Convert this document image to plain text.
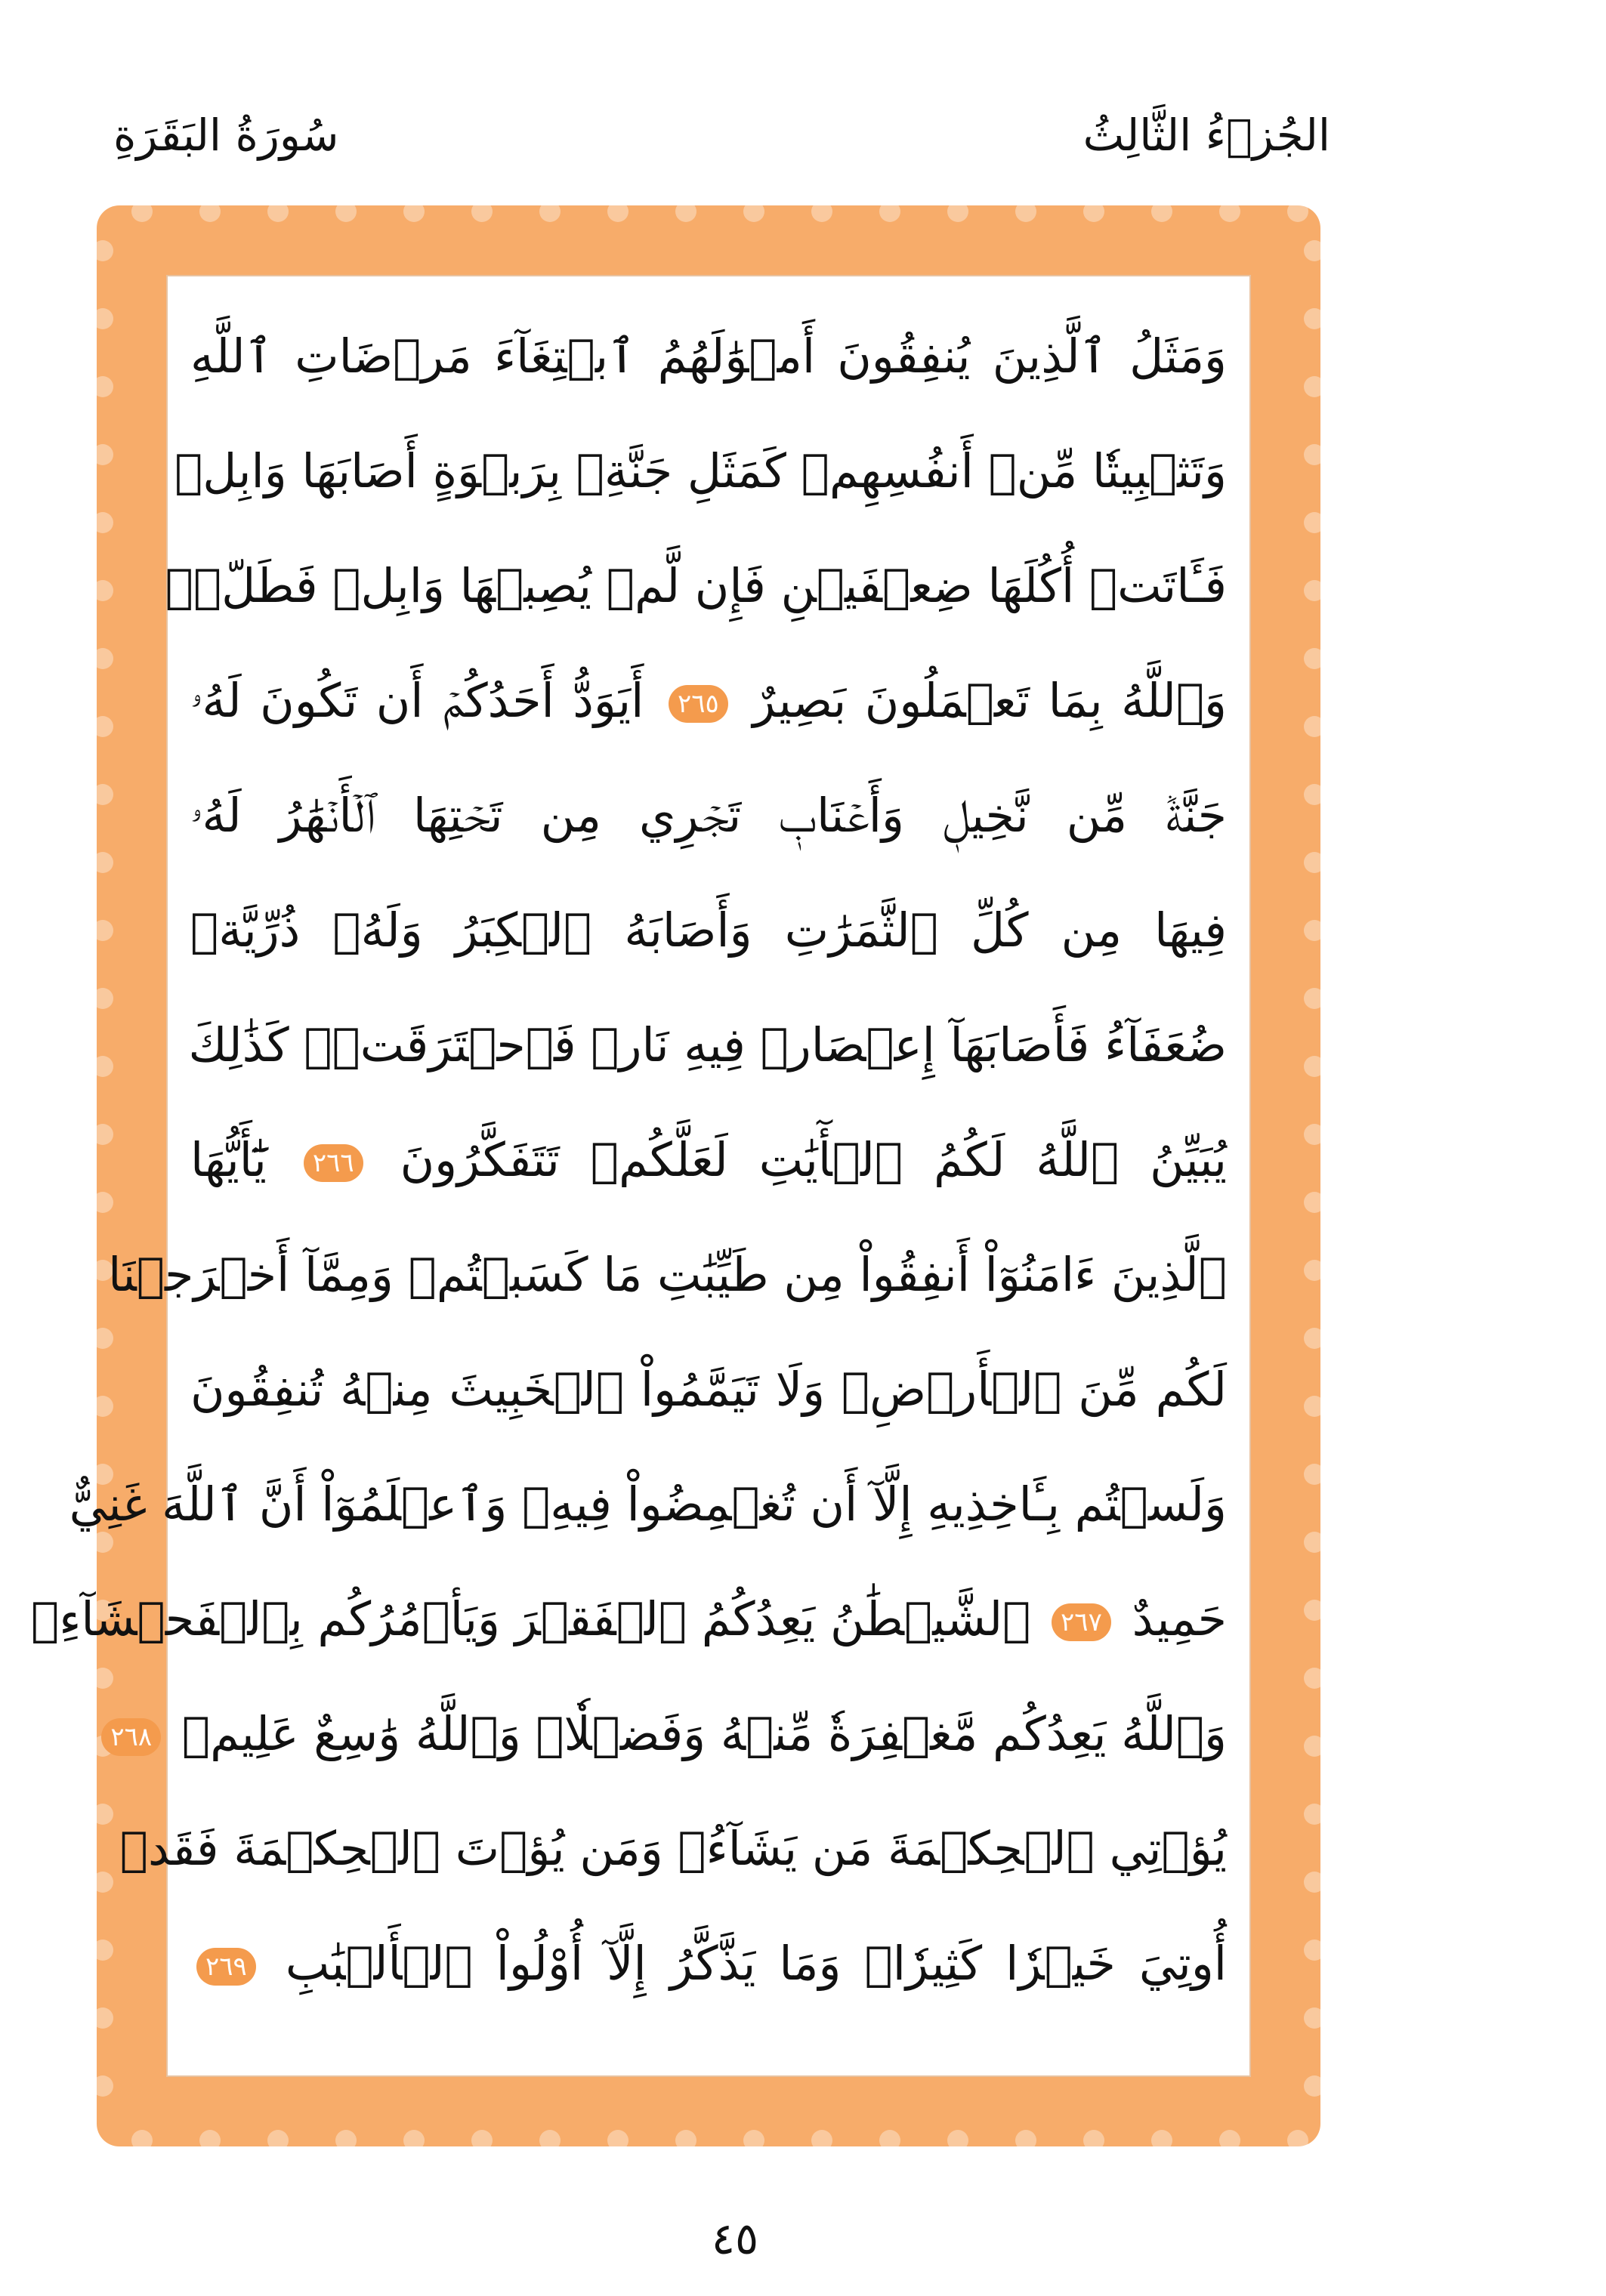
الجُزۡءُ الثَّالِثُ
سُورَةُ البَقَرَةِ
وَمَثَلُ ٱلَّذِينَ يُنفِقُونَ أَمۡوَٰلَهُمُ ٱبۡتِغَآءَ مَرۡضَاتِ ٱللَّهِ
وَتَثۡبِيتٗا مِّنۡ أَنفُسِهِمۡ كَمَثَلِ جَنَّةِۭ بِرَبۡوَةٍ أَصَابَهَا وَابِلٞ
فَـَٔاتَتۡ أُكُلَهَا ضِعۡفَيۡنِ فَإِن لَّمۡ يُصِبۡهَا وَابِلٞ فَطَلّٞۗ
وَٱللَّهُ بِمَا تَعۡمَلُونَ بَصِيرٌ ٢٦٥ أَيَوَدُّ أَحَدُكُمۡ أَن تَكُونَ لَهُۥ
جَنَّةٞ مِّن نَّخِيلٖ وَأَعۡنَابٖ تَجۡرِي مِن تَحۡتِهَا ٱلۡأَنۡهَٰرُ لَهُۥ
فِيهَا مِن كُلِّ ٱلثَّمَرَٰتِ وَأَصَابَهُ ٱلۡكِبَرُ وَلَهُۥ ذُرِّيَّةٞ
ضُعَفَآءُ فَأَصَابَهَآ إِعۡصَارٞ فِيهِ نَارٞ فَٱحۡتَرَقَتۡۗ كَذَٰلِكَ
يُبَيِّنُ ٱللَّهُ لَكُمُ ٱلۡأٓيَٰتِ لَعَلَّكُمۡ تَتَفَكَّرُونَ ٢٦٦ يَٰٓأَيُّهَا
ٱلَّذِينَ ءَامَنُوٓاْ أَنفِقُواْ مِن طَيِّبَٰتِ مَا كَسَبۡتُمۡ وَمِمَّآ أَخۡرَجۡنَا
لَكُم مِّنَ ٱلۡأَرۡضِۖ وَلَا تَيَمَّمُواْ ٱلۡخَبِيثَ مِنۡهُ تُنفِقُونَ
وَلَسۡتُم بِـَٔاخِذِيهِ إِلَّآ أَن تُغۡمِضُواْ فِيهِۚ وَٱعۡلَمُوٓاْ أَنَّ ٱللَّهَ غَنِيٌّ
حَمِيدٌ ٢٦٧ ٱلشَّيۡطَٰنُ يَعِدُكُمُ ٱلۡفَقۡرَ وَيَأۡمُرُكُم بِٱلۡفَحۡشَآءِۖ
وَٱللَّهُ يَعِدُكُم مَّغۡفِرَةٗ مِّنۡهُ وَفَضۡلٗاۗ وَٱللَّهُ وَٰسِعٌ عَلِيمٞ ٢٦٨
يُؤۡتِي ٱلۡحِكۡمَةَ مَن يَشَآءُۚ وَمَن يُؤۡتَ ٱلۡحِكۡمَةَ فَقَدۡ
أُوتِيَ خَيۡرٗا كَثِيرٗاۗ وَمَا يَذَّكَّرُ إِلَّآ أُوْلُواْ ٱلۡأَلۡبَٰبِ ٢٦٩
٤٥
